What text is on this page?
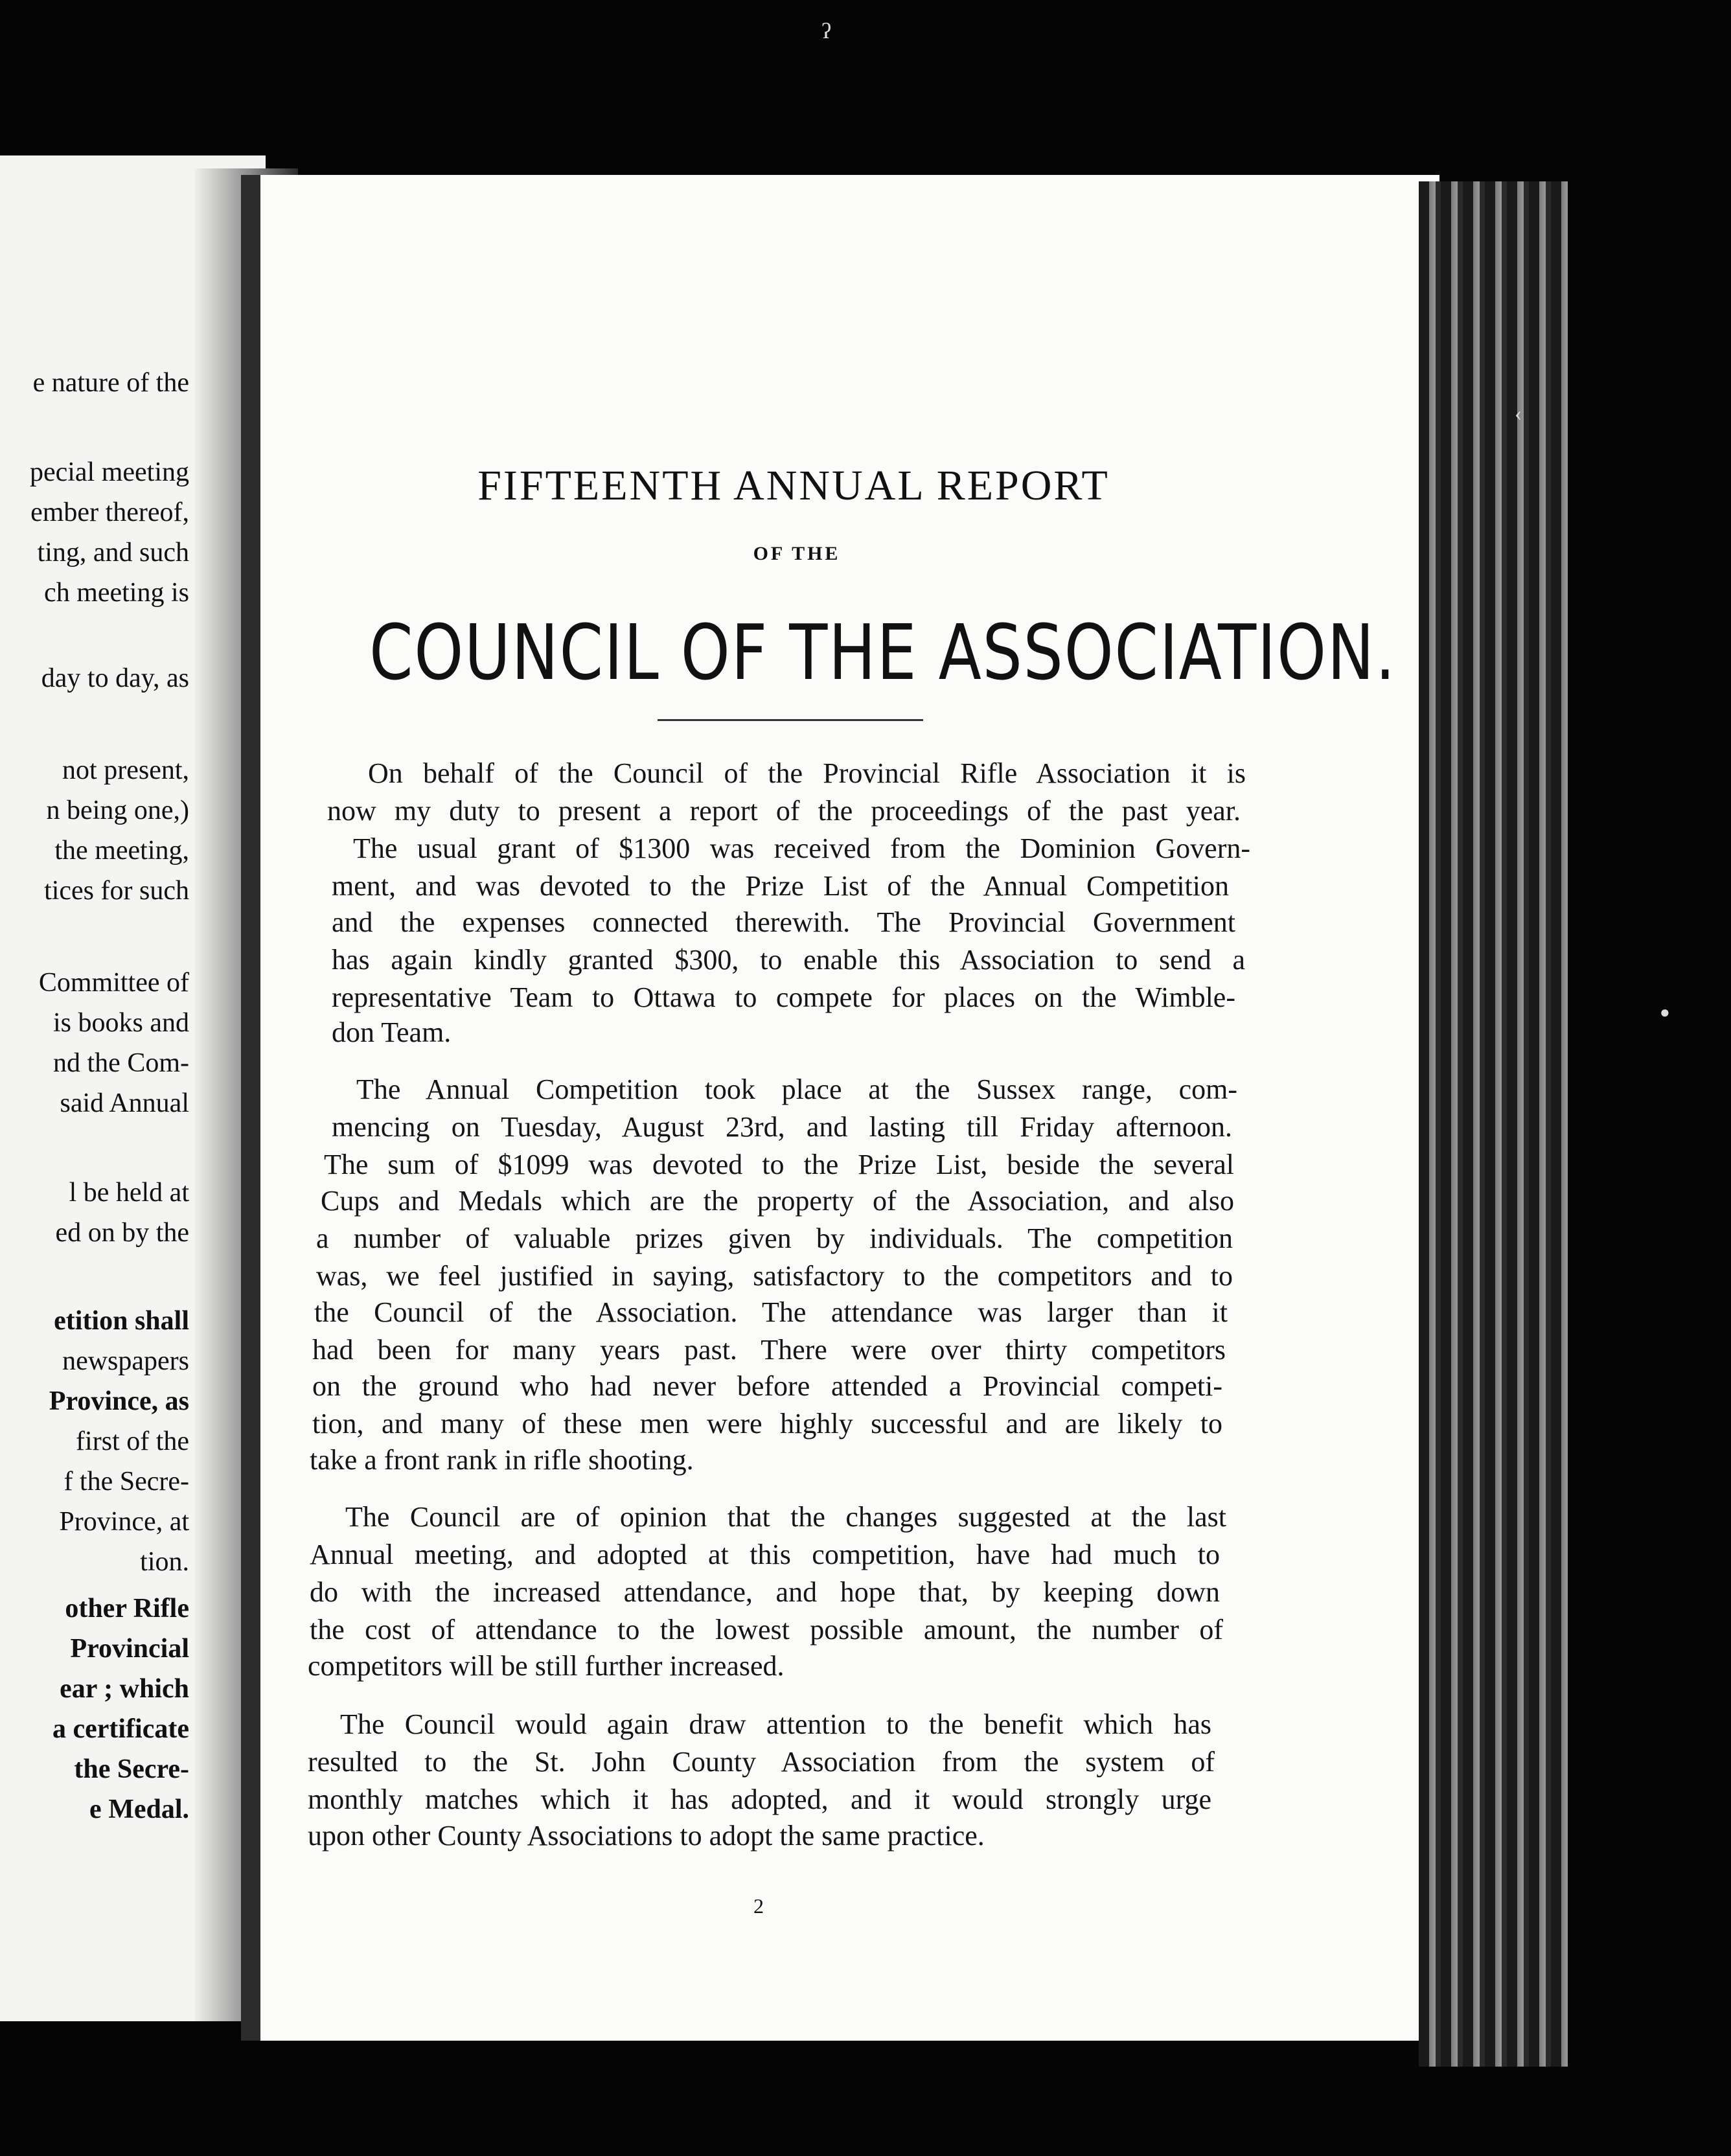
e nature of the
pecial meeting
ember thereof,
ting, and such
ch meeting is
day to day, as
not present,
n being one,)
the meeting,
tices for such
Committee of
is books and
nd the Com-
said Annual
l be held at
ed on by the
etition shall
newspapers
Province, as
first of the
f the Secre-
Province, at
tion.
other Rifle
Provincial
ear ; which
a certificate
the Secre-
e Medal.
FIFTEENTH ANNUAL REPORT
OF THE
COUNCIL OF THE ASSOCIATION.
On behalf of the Council of the Provincial Rifle Association it is
now my duty to present a report of the proceedings of the past year.
The usual grant of $1300 was received from the Dominion Govern-
ment, and was devoted to the Prize List of the Annual Competition
and the expenses connected therewith. The Provincial Government
has again kindly granted $300, to enable this Association to send a
representative Team to Ottawa to compete for places on the Wimble-
don Team.
The Annual Competition took place at the Sussex range, com-
mencing on Tuesday, August 23rd, and lasting till Friday afternoon.
The sum of $1099 was devoted to the Prize List, beside the several
Cups and Medals which are the property of the Association, and also
a number of valuable prizes given by individuals. The competition
was, we feel justified in saying, satisfactory to the competitors and to
the Council of the Association. The attendance was larger than it
had been for many years past. There were over thirty competitors
on the ground who had never before attended a Provincial competi-
tion, and many of these men were highly successful and are likely to
take a front rank in rifle shooting.
The Council are of opinion that the changes suggested at the last
Annual meeting, and adopted at this competition, have had much to
do with the increased attendance, and hope that, by keeping down
the cost of attendance to the lowest possible amount, the number of
competitors will be still further increased.
The Council would again draw attention to the benefit which has
resulted to the St. John County Association from the system of
monthly matches which it has adopted, and it would strongly urge
upon other County Associations to adopt the same practice.
2
ʔ
‹
●
